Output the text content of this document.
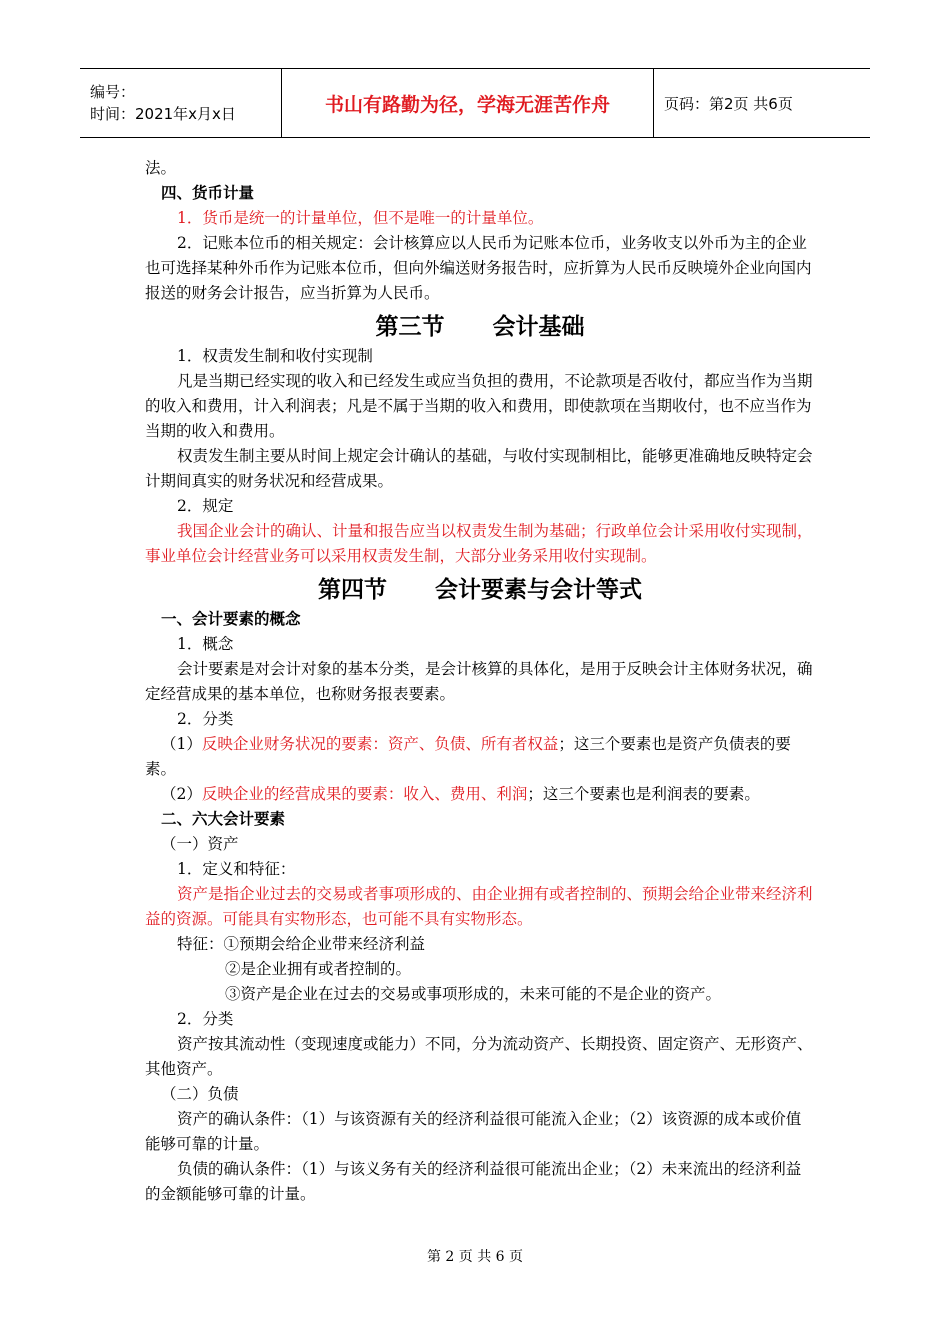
编号：
时间：2021年x月x日	书山有路勤为径，学海无涯苦作舟	页码：第2页 共6页

法。

四、货币计量

1．货币是统一的计量单位，但不是唯一的计量单位。

2．记账本位币的相关规定：会计核算应以人民币为记账本位币，业务收支以外币为主的企业也可选择某种外币作为记账本位币，但向外编送财务报告时，应折算为人民币反映境外企业向国内报送的财务会计报告，应当折算为人民币。

第三节      会计基础

1．权责发生制和收付实现制

凡是当期已经实现的收入和已经发生或应当负担的费用，不论款项是否收付，都应当作为当期的收入和费用，计入利润表；凡是不属于当期的收入和费用，即使款项在当期收付，也不应当作为当期的收入和费用。

权责发生制主要从时间上规定会计确认的基础，与收付实现制相比，能够更准确地反映特定会计期间真实的财务状况和经营成果。

2．规定

我国企业会计的确认、计量和报告应当以权责发生制为基础；行政单位会计采用收付实现制，事业单位会计经营业务可以采用权责发生制，大部分业务采用收付实现制。

第四节      会计要素与会计等式

一、会计要素的概念

1．概念

会计要素是对会计对象的基本分类，是会计核算的具体化，是用于反映会计主体财务状况，确定经营成果的基本单位，也称财务报表要素。

2．分类

（1）反映企业财务状况的要素：资产、负债、所有者权益；这三个要素也是资产负债表的要素。

（2）反映企业的经营成果的要素：收入、费用、利润；这三个要素也是利润表的要素。

二、六大会计要素

（一）资产

1．定义和特征：

资产是指企业过去的交易或者事项形成的、由企业拥有或者控制的、预期会给企业带来经济利益的资源。可能具有实物形态，也可能不具有实物形态。

特征：①预期会给企业带来经济利益

②是企业拥有或者控制的。

③资产是企业在过去的交易或事项形成的，未来可能的不是企业的资产。

2．分类

资产按其流动性（变现速度或能力）不同，分为流动资产、长期投资、固定资产、无形资产、其他资产。

（二）负债

资产的确认条件：（1）与该资源有关的经济利益很可能流入企业；（2）该资源的成本或价值能够可靠的计量。

负债的确认条件：（1）与该义务有关的经济利益很可能流出企业；（2）未来流出的经济利益的金额能够可靠的计量。

第 2 页 共 6 页
